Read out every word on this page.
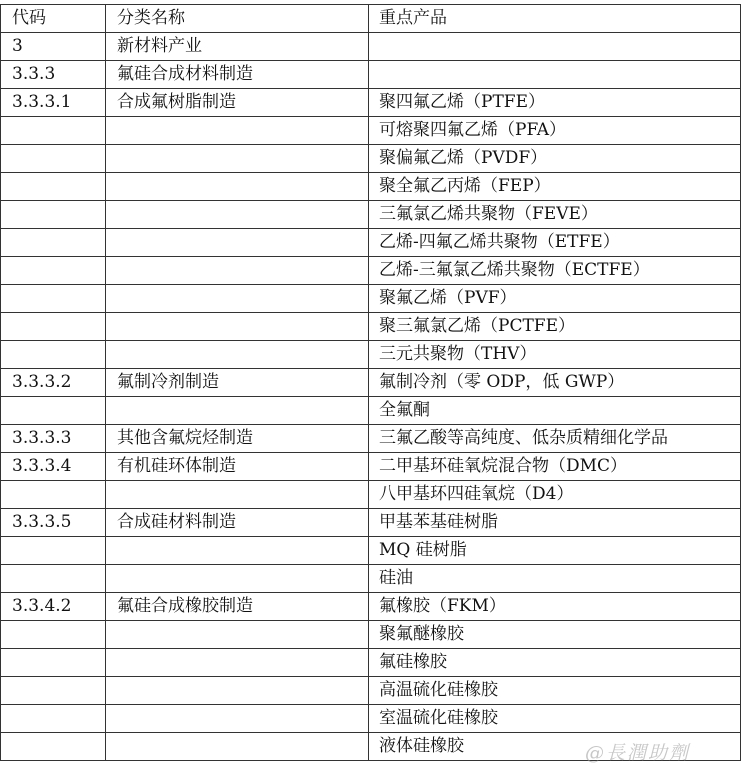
代码	分类名称	重点产品
3	新材料产业	
3.3.3	氟硅合成材料制造	
3.3.3.1	合成氟树脂制造	聚四氟乙烯（PTFE）
		可熔聚四氟乙烯（PFA）
		聚偏氟乙烯（PVDF）
		聚全氟乙丙烯（FEP）
		三氟氯乙烯共聚物（FEVE）
		乙烯-四氟乙烯共聚物（ETFE）
		乙烯-三氟氯乙烯共聚物（ECTFE）
		聚氟乙烯（PVF）
		聚三氟氯乙烯（PCTFE）
		三元共聚物（THV）
3.3.3.2	氟制冷剂制造	氟制冷剂（零 ODP，低 GWP）
		全氟酮
3.3.3.3	其他含氟烷烃制造	三氟乙酸等高纯度、低杂质精细化学品
3.3.3.4	有机硅环体制造	二甲基环硅氧烷混合物（DMC）
		八甲基环四硅氧烷（D4）
3.3.3.5	合成硅材料制造	甲基苯基硅树脂
		MQ 硅树脂
		硅油
3.3.4.2	氟硅合成橡胶制造	氟橡胶（FKM）
		聚氟醚橡胶
		氟硅橡胶
		高温硫化硅橡胶
		室温硫化硅橡胶
		液体硅橡胶	@長潤助劑
